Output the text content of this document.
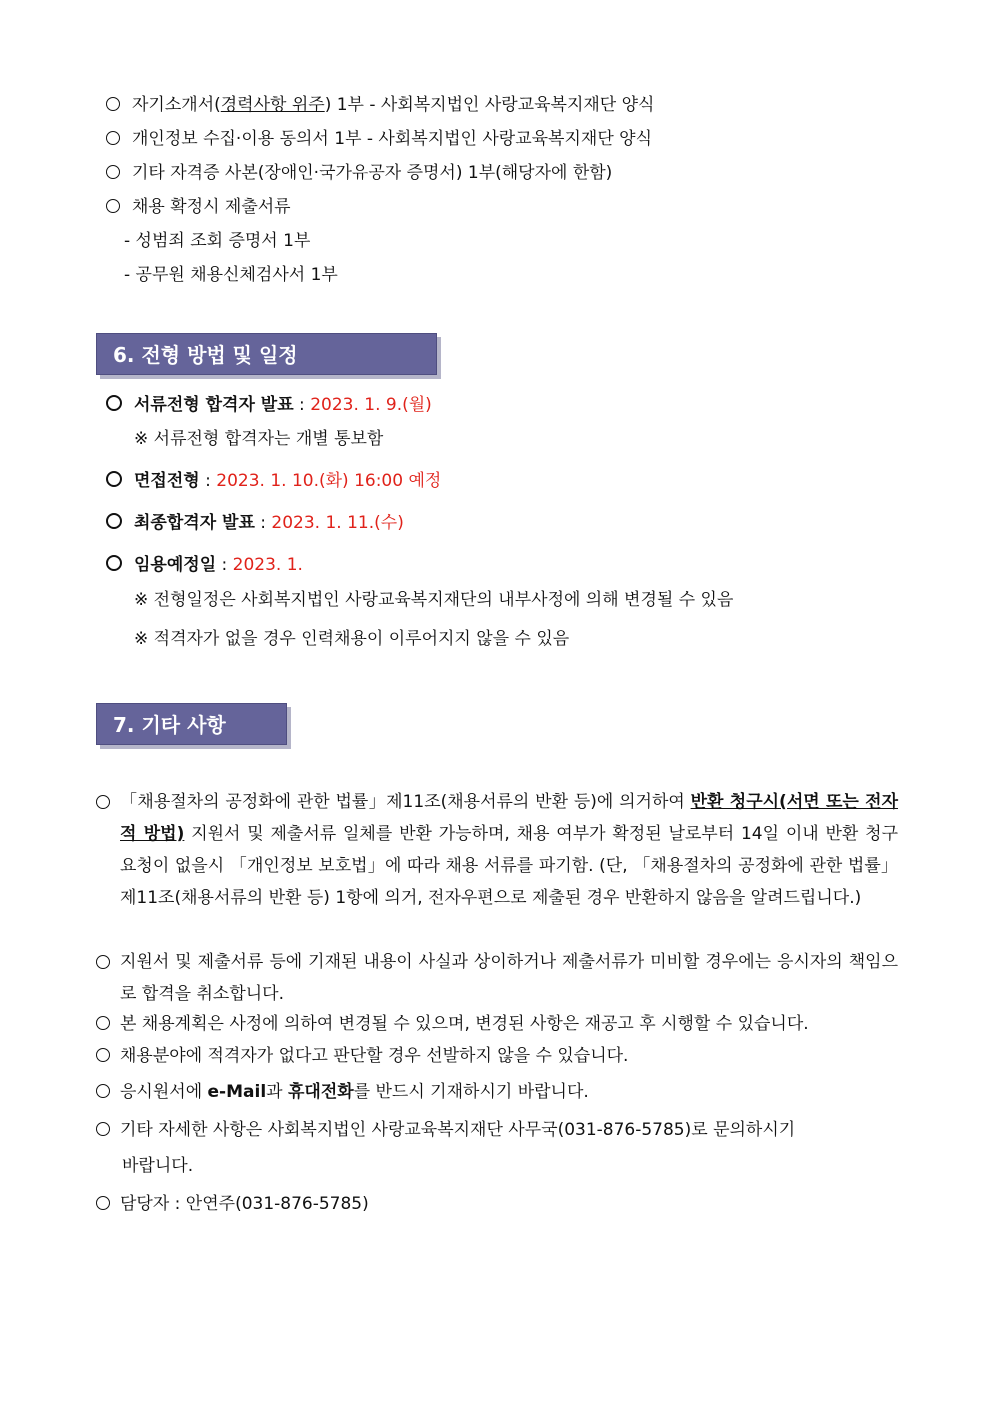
자기소개서(경력사항 위주) 1부 - 사회복지법인 사랑교육복지재단 양식
개인정보 수집·이용 동의서 1부 - 사회복지법인 사랑교육복지재단 양식
기타 자격증 사본(장애인·국가유공자 증명서) 1부(해당자에 한함)
채용 확정시 제출서류
- 성범죄 조회 증명서 1부
- 공무원 채용신체검사서 1부
6. 전형 방법 및 일정
서류전형 합격자 발표 : 2023. 1. 9.(월)
※ 서류전형 합격자는 개별 통보함
면접전형 : 2023. 1. 10.(화) 16:00 예정
최종합격자 발표 : 2023. 1. 11.(수)
임용예정일 : 2023. 1.
※ 전형일정은 사회복지법인 사랑교육복지재단의 내부사정에 의해 변경될 수 있음
※ 적격자가 없을 경우 인력채용이 이루어지지 않을 수 있음
7. 기타 사항
「채용절차의 공정화에 관한 법률」제11조(채용서류의 반환 등)에 의거하여 반환 청구시(서면 또는 전자적 방법) 지원서 및 제출서류 일체를 반환 가능하며, 채용 여부가 확정된 날로부터 14일 이내 반환 청구 요청이 없을시 「개인정보 보호법」에 따라 채용 서류를 파기함. (단, 「채용절차의 공정화에 관한 법률」제11조(채용서류의 반환 등) 1항에 의거, 전자우편으로 제출된 경우 반환하지 않음을 알려드립니다.)
지원서 및 제출서류 등에 기재된 내용이 사실과 상이하거나 제출서류가 미비할 경우에는 응시자의 책임으로 합격을 취소합니다.
본 채용계획은 사정에 의하여 변경될 수 있으며, 변경된 사항은 재공고 후 시행할 수 있습니다.
채용분야에 적격자가 없다고 판단할 경우 선발하지 않을 수 있습니다.
응시원서에 e-Mail과 휴대전화를 반드시 기재하시기 바랍니다.
기타 자세한 사항은 사회복지법인 사랑교육복지재단 사무국(031-876-5785)로 문의하시기
바랍니다.
담당자 : 안연주(031-876-5785)
